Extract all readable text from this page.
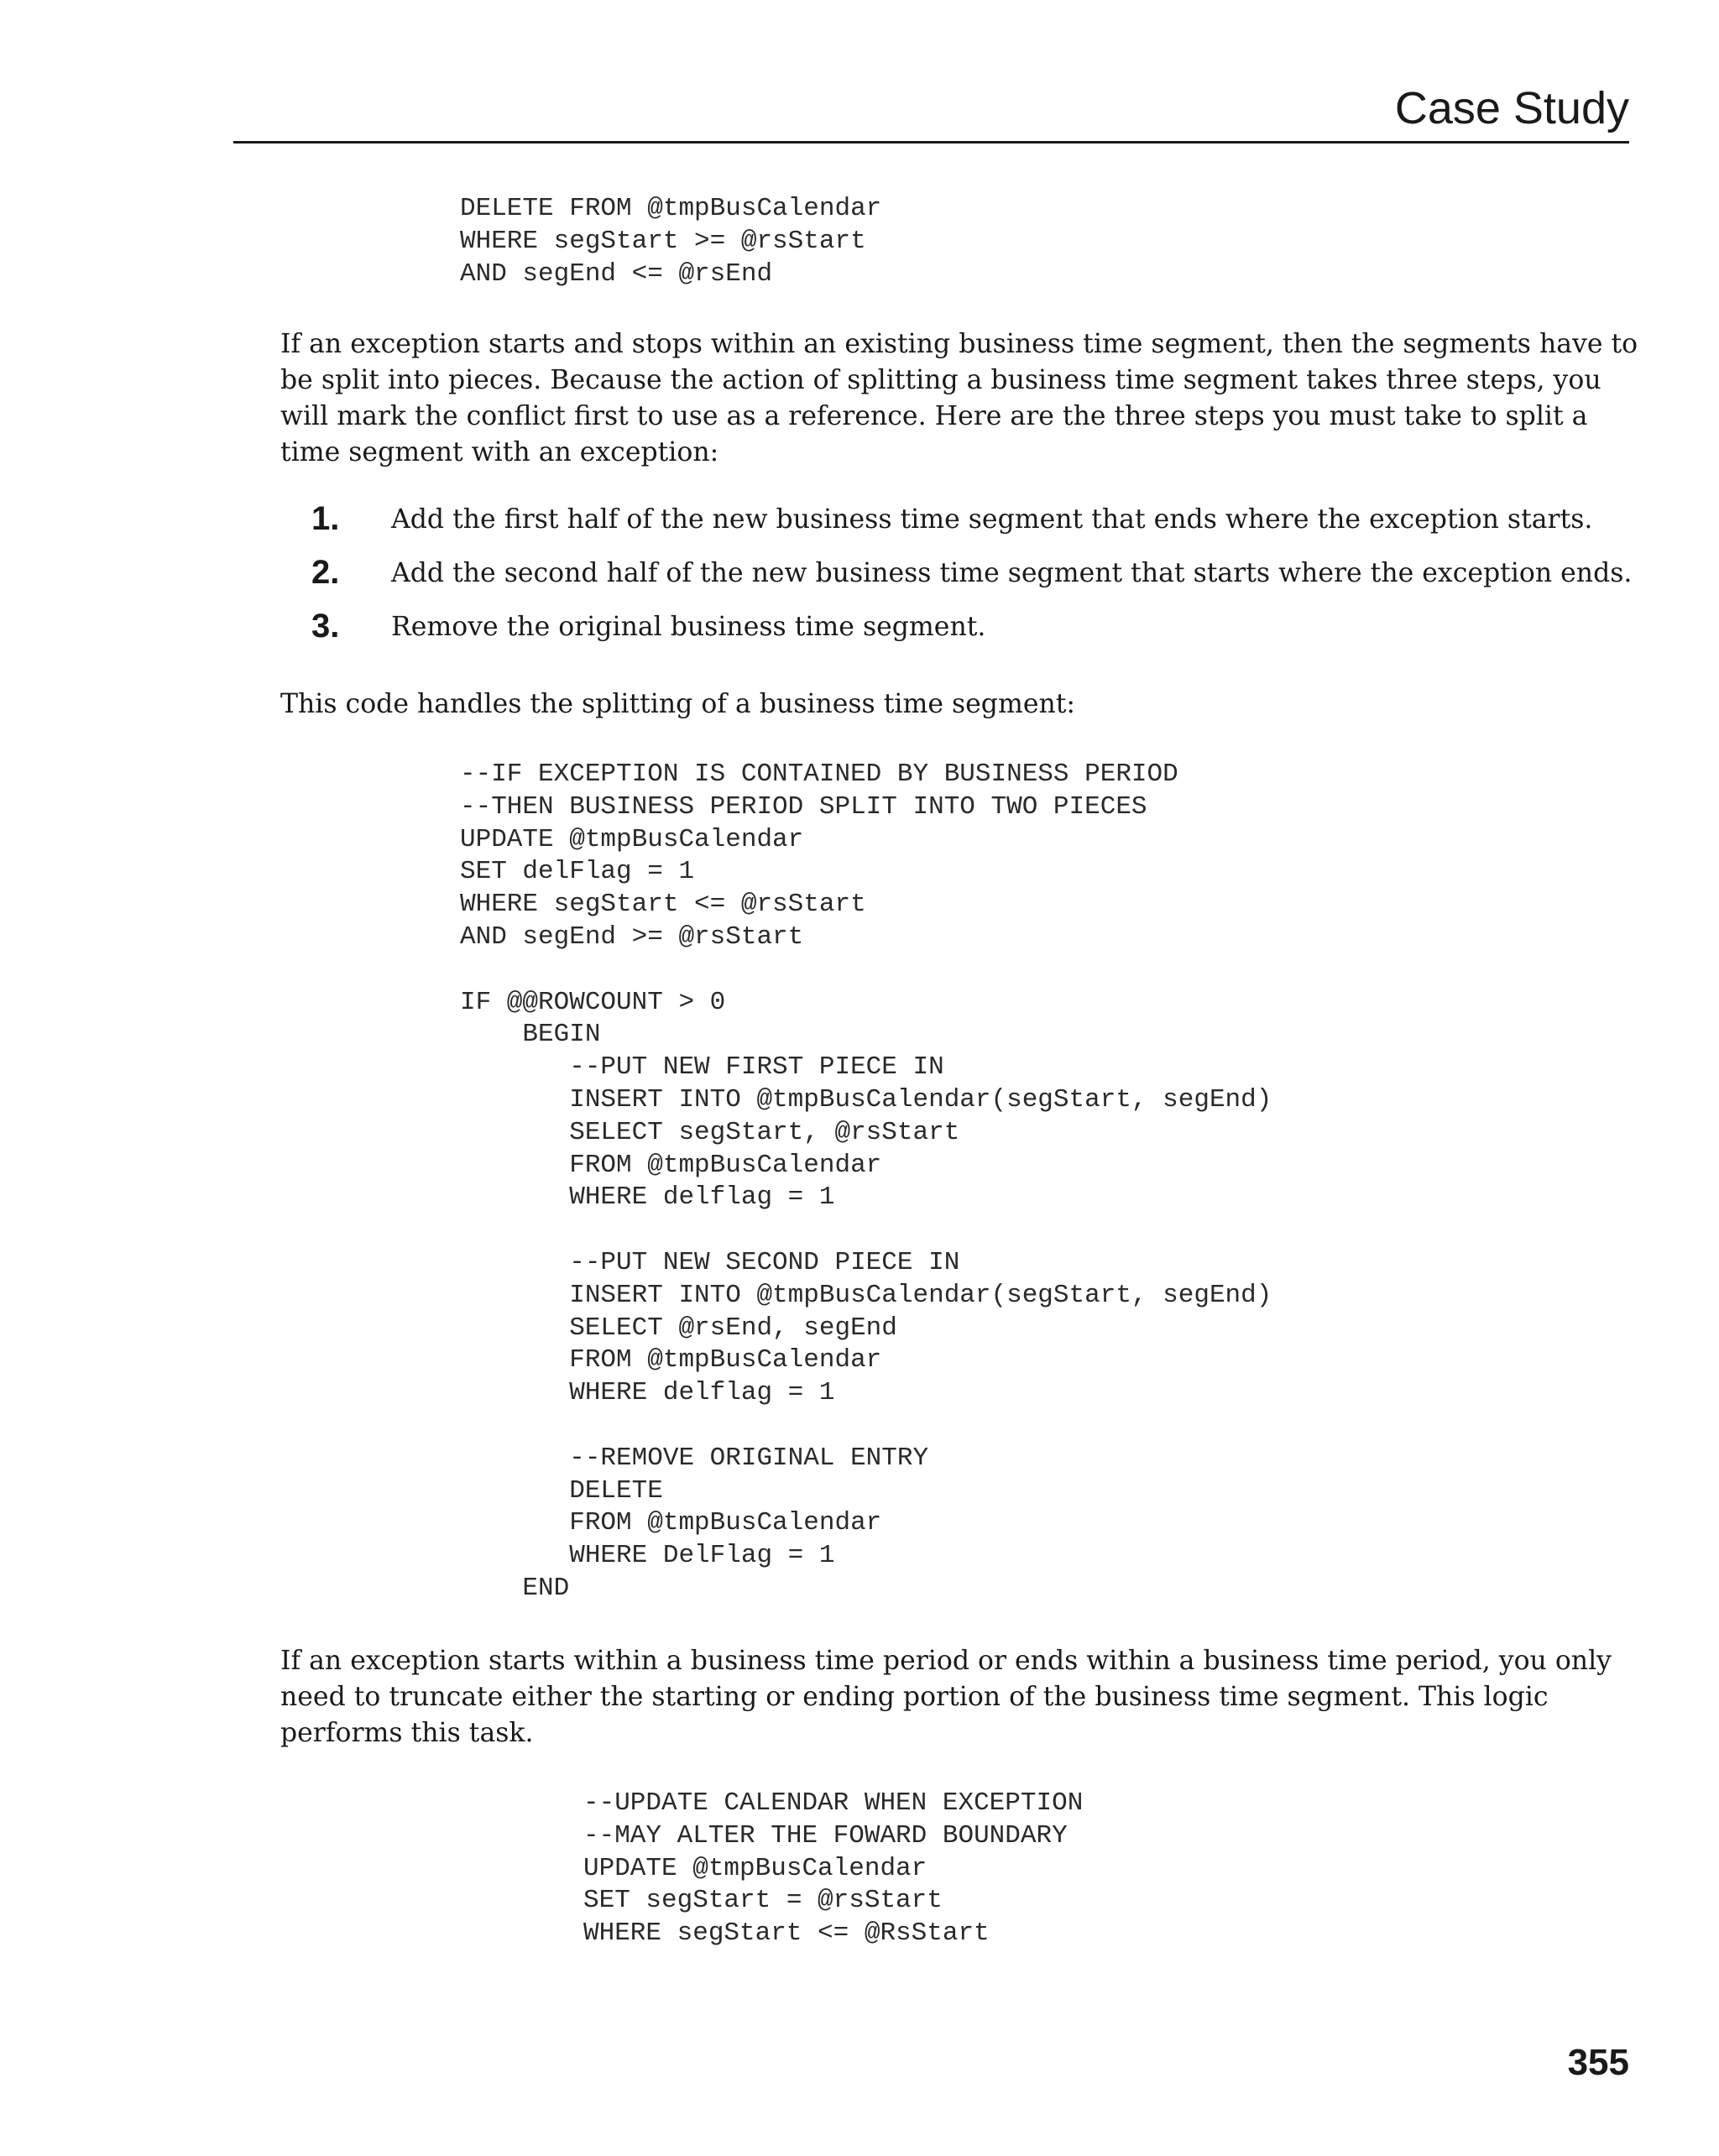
Case Study
DELETE FROM @tmpBusCalendar
WHERE segStart >= @rsStart
AND segEnd <= @rsEnd

If an exception starts and stops within an existing business time segment, then the segments have to be split into pieces. Because the action of splitting a business time segment takes three steps, you will mark the conflict first to use as a reference. Here are the three steps you must take to split a time segment with an exception:

1. Add the first half of the new business time segment that ends where the exception starts.
2. Add the second half of the new business time segment that starts where the exception ends.
3. Remove the original business time segment.

This code handles the splitting of a business time segment:

--IF EXCEPTION IS CONTAINED BY BUSINESS PERIOD
--THEN BUSINESS PERIOD SPLIT INTO TWO PIECES
UPDATE @tmpBusCalendar
SET delFlag = 1
WHERE segStart <= @rsStart
AND segEnd >= @rsStart

IF @@ROWCOUNT > 0
BEGIN
--PUT NEW FIRST PIECE IN
INSERT INTO @tmpBusCalendar(segStart, segEnd)
SELECT segStart, @rsStart
FROM @tmpBusCalendar
WHERE delflag = 1

--PUT NEW SECOND PIECE IN
INSERT INTO @tmpBusCalendar(segStart, segEnd)
SELECT @rsEnd, segEnd
FROM @tmpBusCalendar
WHERE delflag = 1

--REMOVE ORIGINAL ENTRY
DELETE
FROM @tmpBusCalendar
WHERE DelFlag = 1
END

If an exception starts within a business time period or ends within a business time period, you only need to truncate either the starting or ending portion of the business time segment. This logic performs this task.

--UPDATE CALENDAR WHEN EXCEPTION
--MAY ALTER THE FOWARD BOUNDARY
UPDATE @tmpBusCalendar
SET segStart = @rsStart
WHERE segStart <= @RsStart
355
